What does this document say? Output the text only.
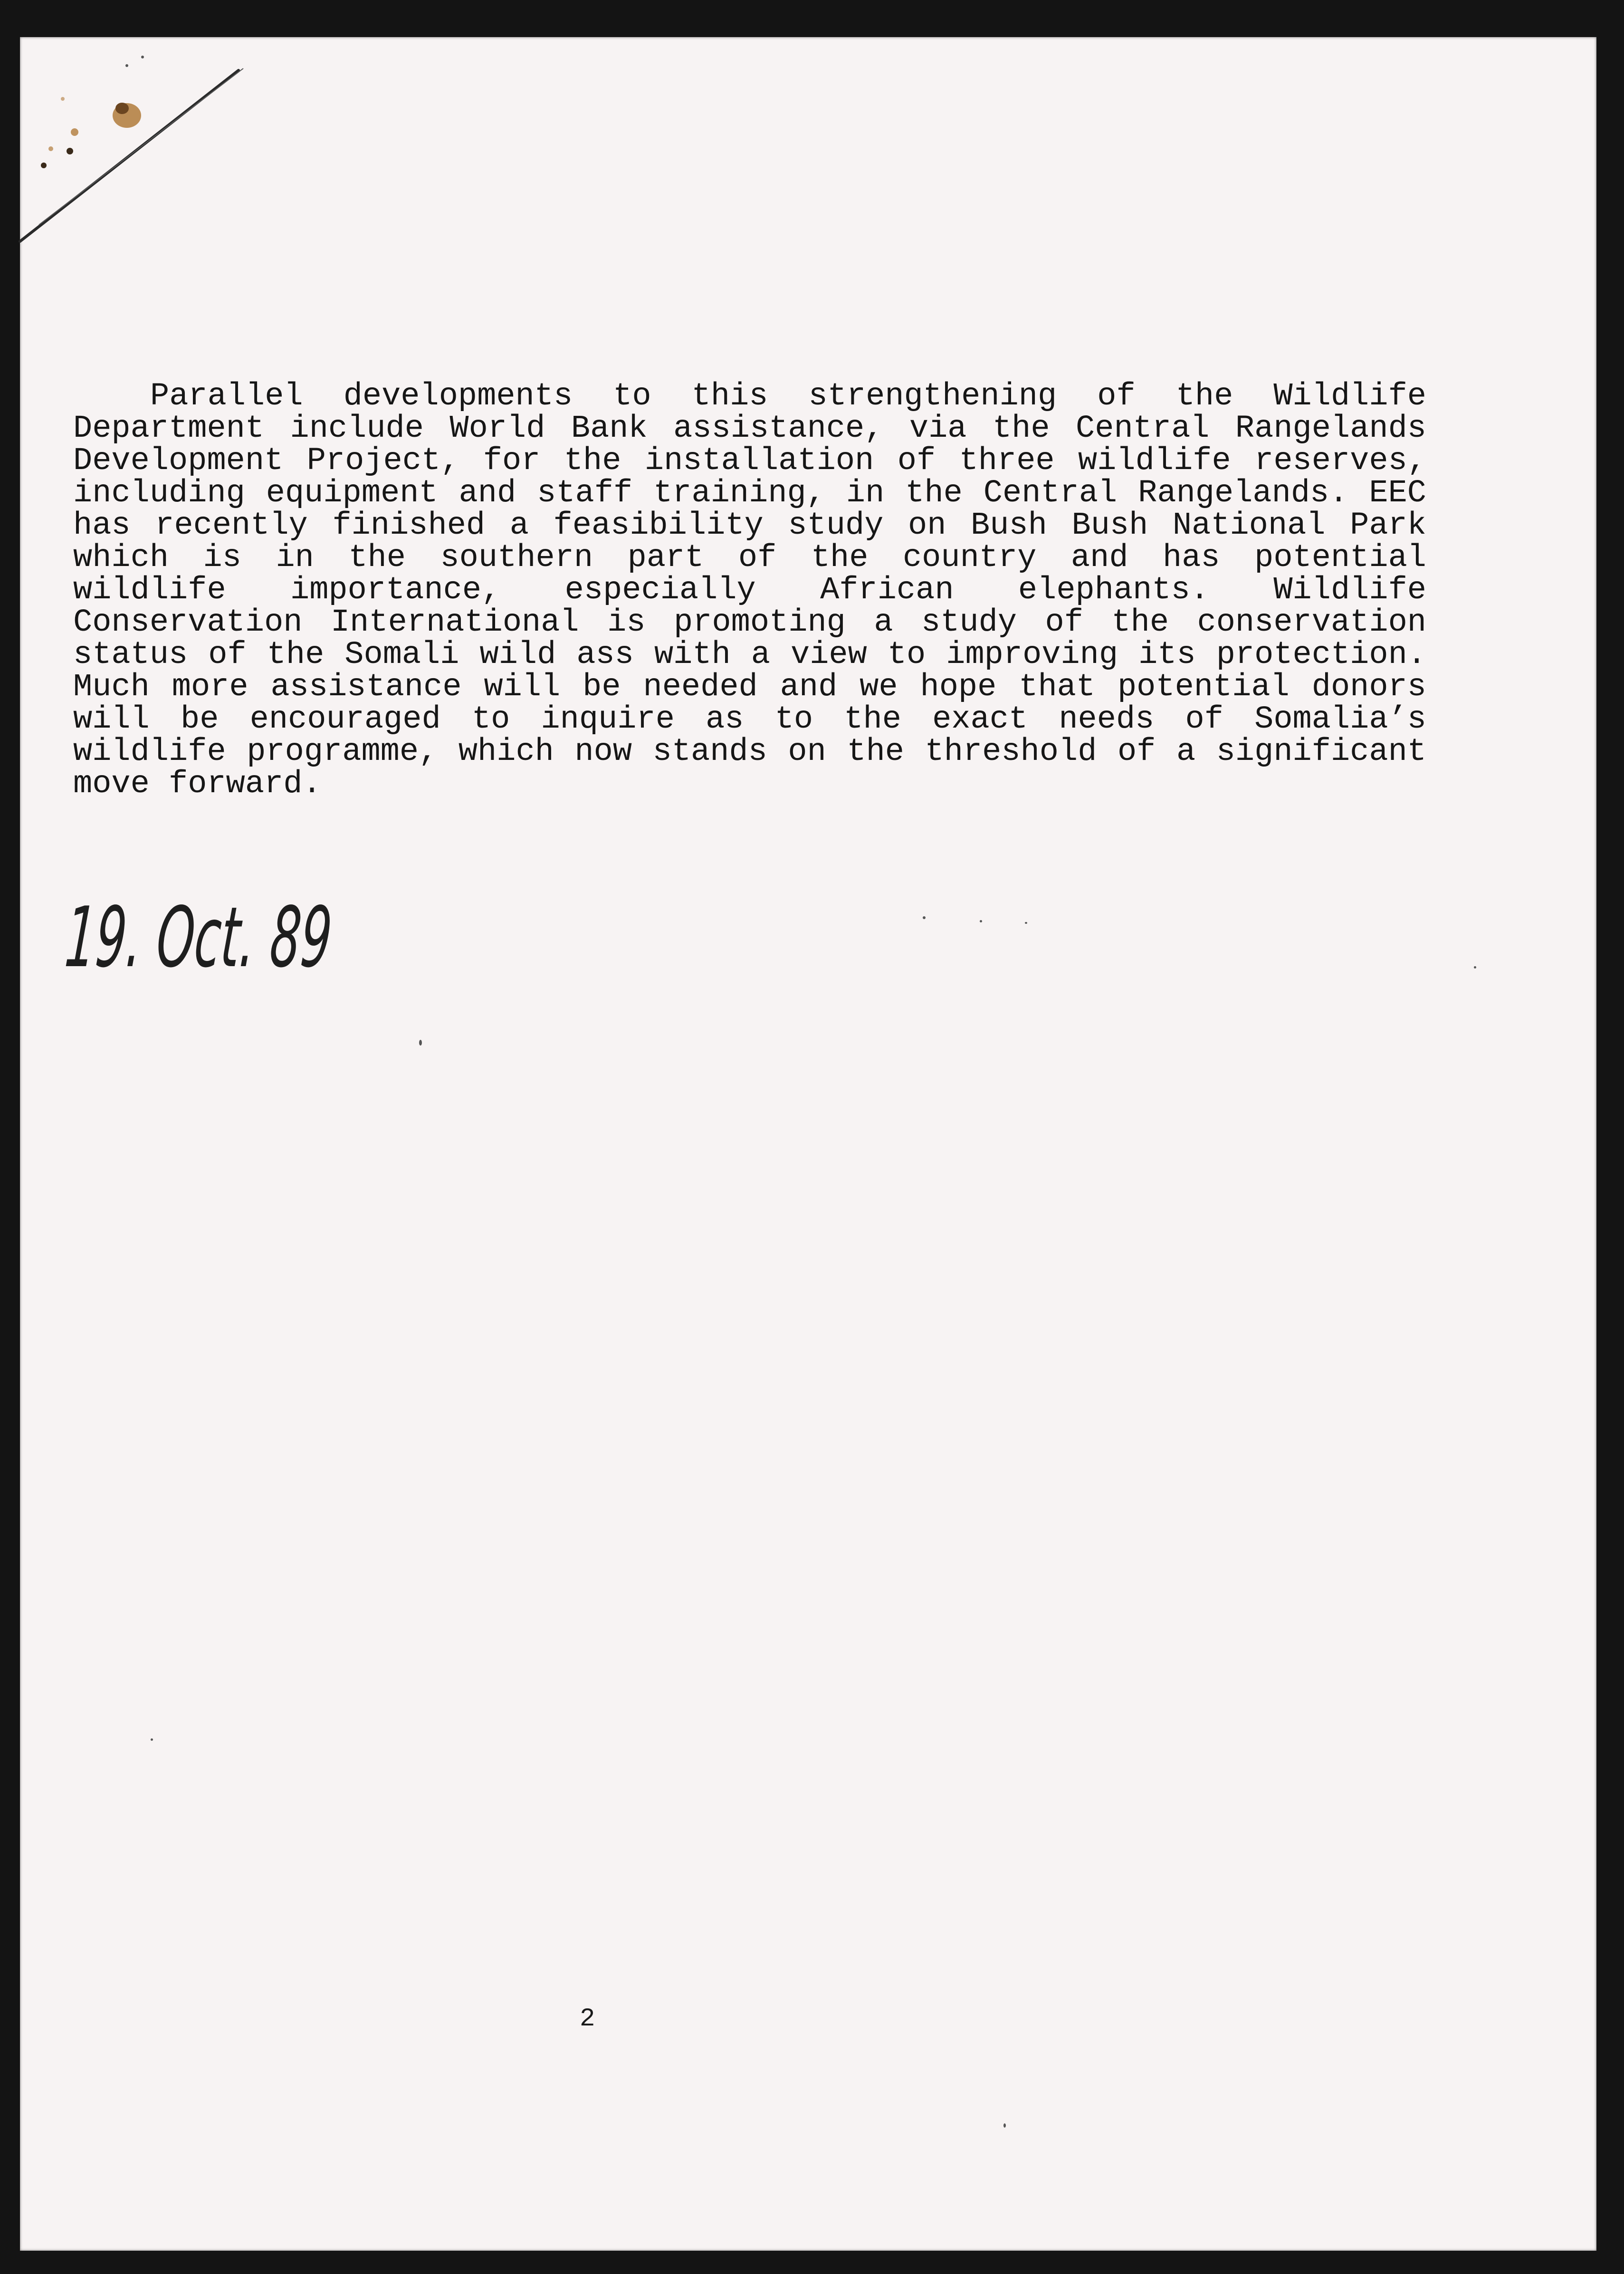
Parallel developments to this strengthening of the Wildlife Department include World Bank assistance, via the Central Rangelands Development Project, for the installation of three wildlife reserves, including equipment and staff training, in the Central Rangelands. EEC has recently finished a feasibility study on Bush Bush National Park which is in the southern part of the country and has potential wildlife importance, especially African elephants. Wildlife Conservation International is promoting a study of the conservation status of the Somali wild ass with a view to improving its protection. Much more assistance will be needed and we hope that potential donors will be encouraged to inquire as to the exact needs of Somalia’s wildlife programme, which now stands on the threshold of a significant move forward.

19. Oct. 89
2
